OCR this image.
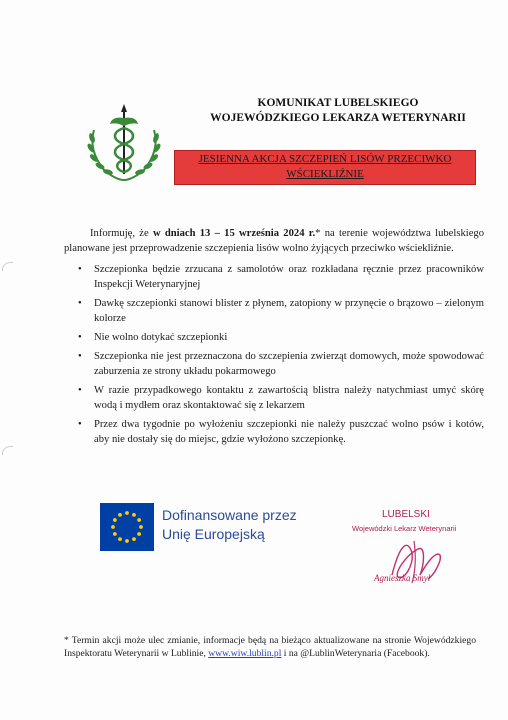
KOMUNIKAT LUBELSKIEGO
WOJEWÓDZKIEGO LEKARZA WETERYNARII
JESIENNA AKCJA SZCZEPIEŃ LISÓW PRZECIWKO
WŚCIEKLIŹNIE

Informuję, że w dniach 13 – 15 września 2024 r.* na terenie województwa lubelskiego planowane jest przeprowadzenie szczepienia lisów wolno żyjących przeciwko wściekliźnie.

• Szczepionka będzie zrzucana z samolotów oraz rozkładana ręcznie przez pracowników Inspekcji Weterynaryjnej
• Dawkę szczepionki stanowi blister z płynem, zatopiony w przynęcie o brązowo – zielonym kolorze
• Nie wolno dotykać szczepionki
• Szczepionka nie jest przeznaczona do szczepienia zwierząt domowych, może spowodować zaburzenia ze strony układu pokarmowego
• W razie przypadkowego kontaktu z zawartością blistra należy natychmiast umyć skórę wodą i mydłem oraz skontaktować się z lekarzem
• Przez dwa tygodnie po wyłożeniu szczepionki nie należy puszczać wolno psów i kotów, aby nie dostały się do miejsc, gdzie wyłożono szczepionkę.
Dofinansowane przez
Unię Europejską
LUBELSKI
Wojewódzki Lekarz Weterynarii
Agnieszka Smyl
* Termin akcji może ulec zmianie, informacje będą na bieżąco aktualizowane na stronie Wojewódzkiego Inspektoratu Weterynarii w Lublinie, www.wiw.lublin.pl i na @LublinWeterynaria (Facebook).
